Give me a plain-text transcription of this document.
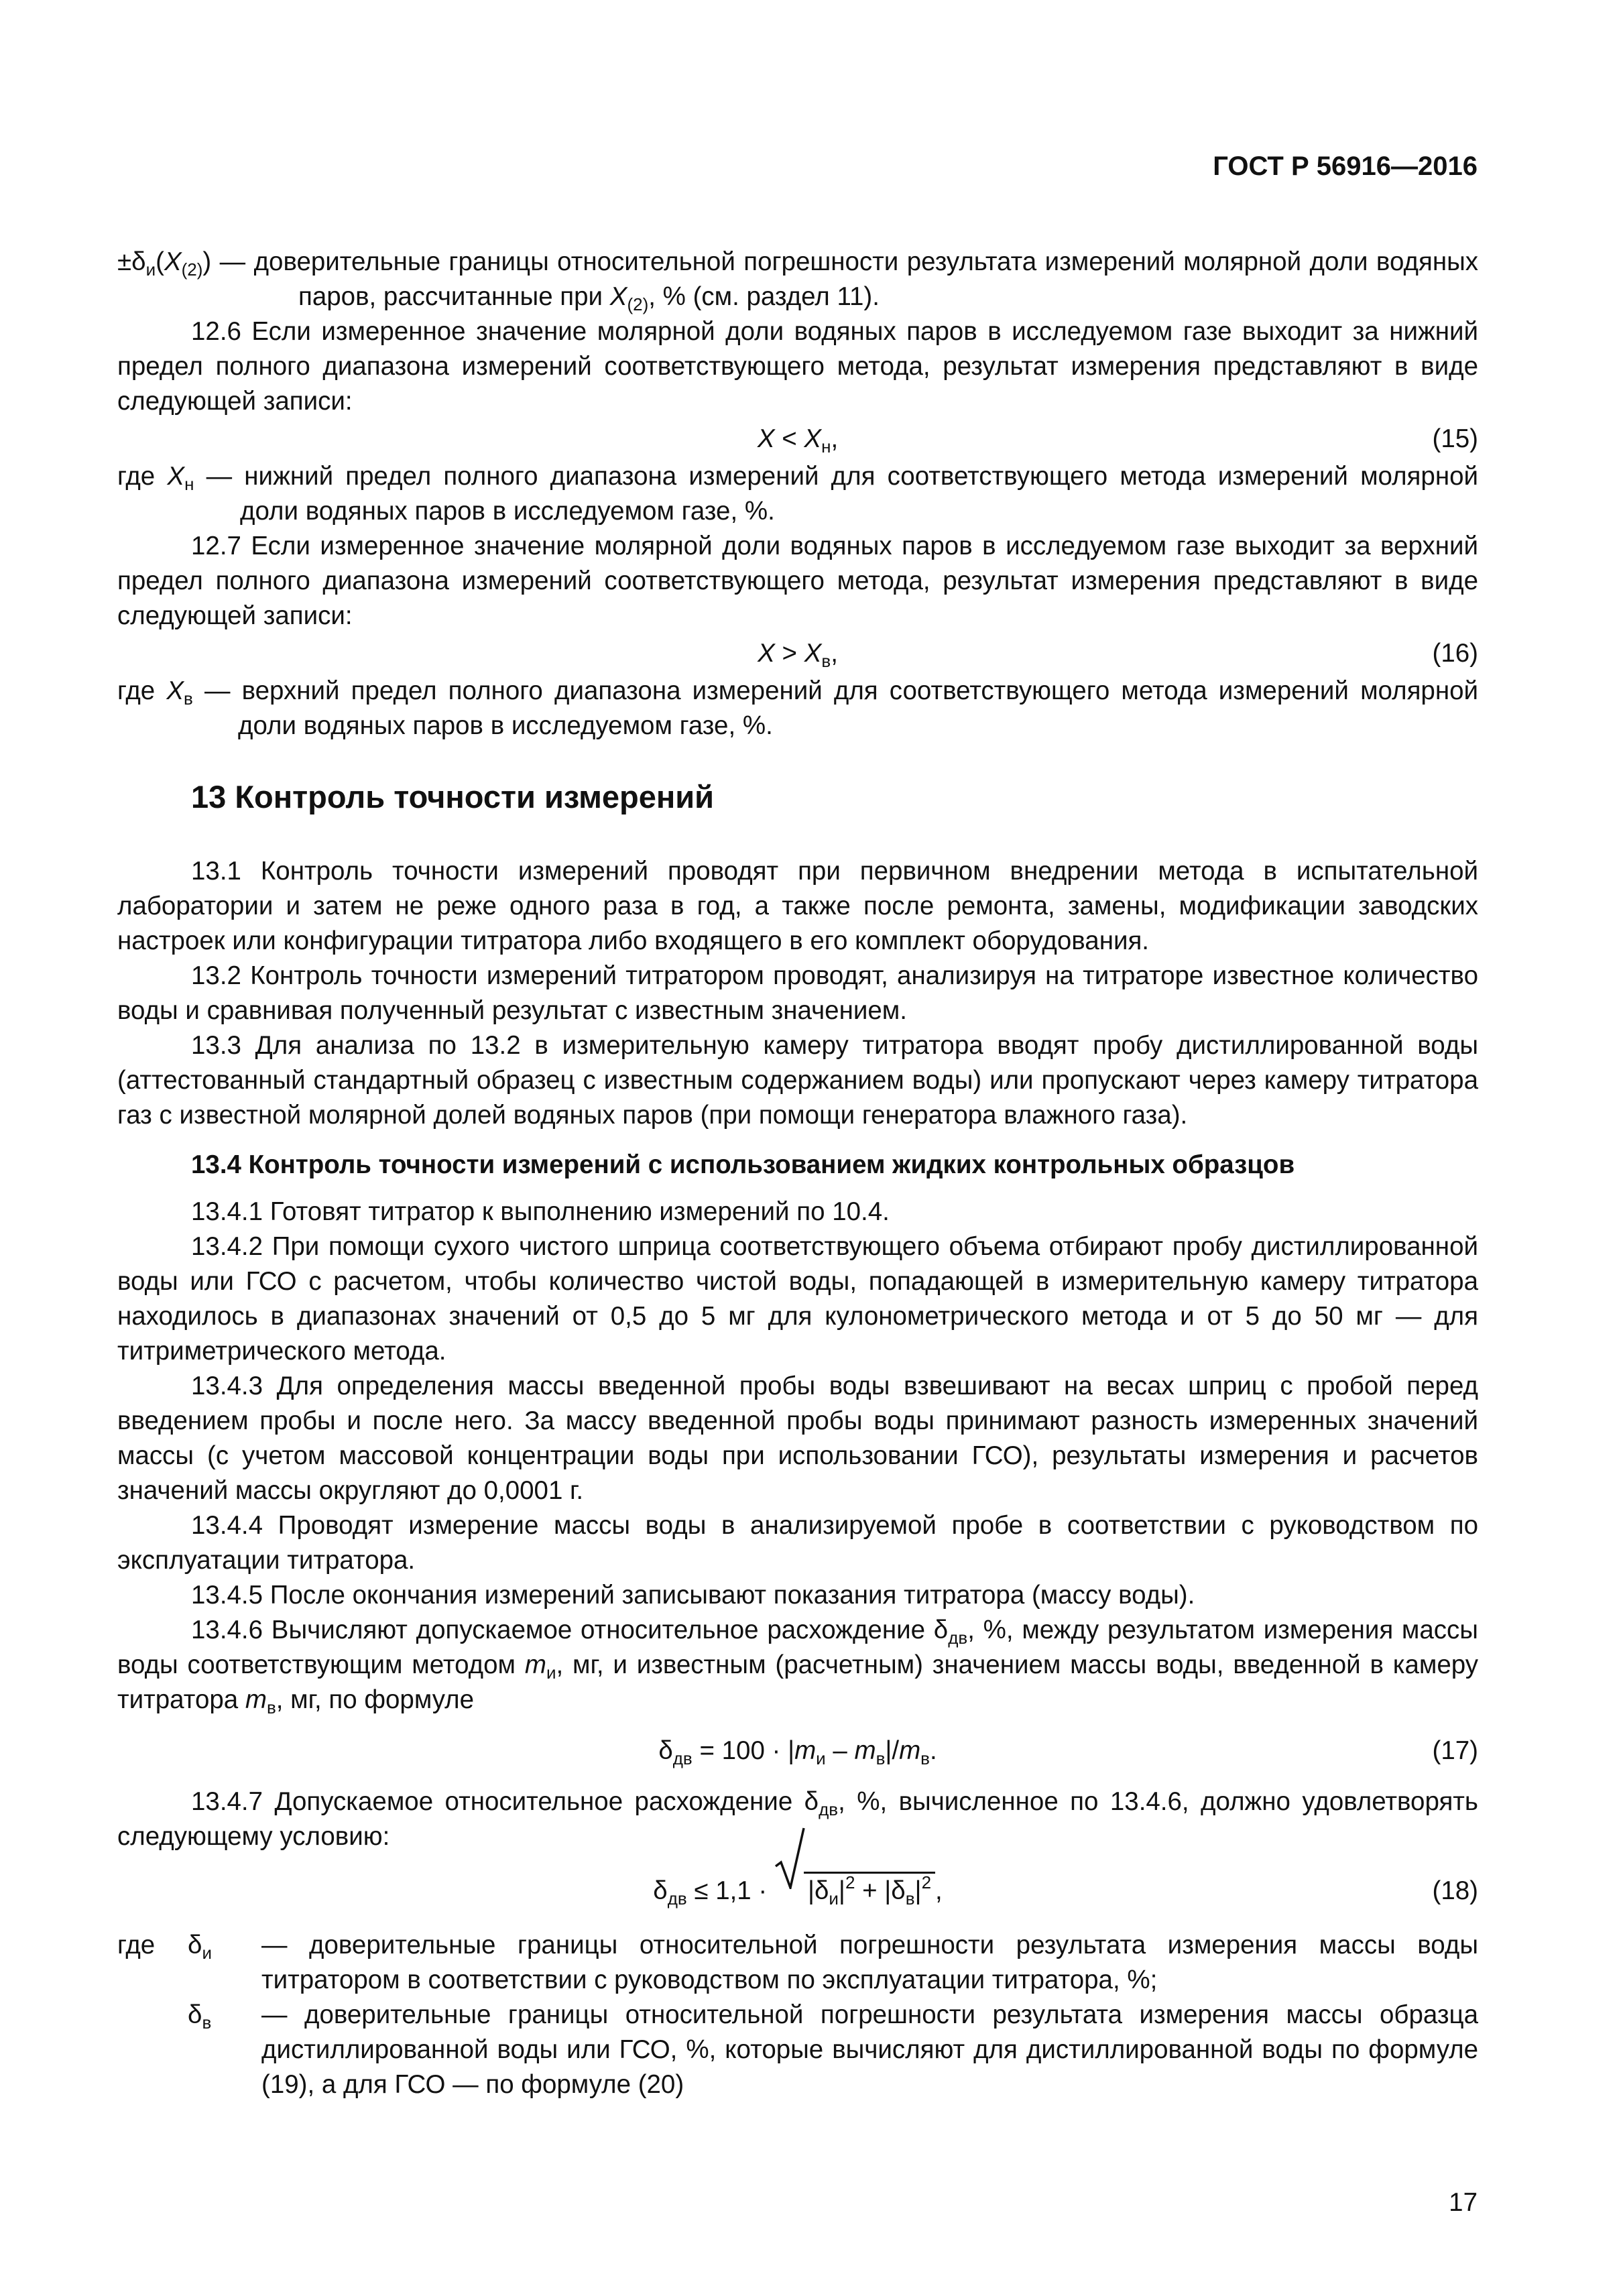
ГОСТ Р 56916—2016

$\pm\delta_и(X_{(2)})$ — доверительные границы относительной погрешности результата измерений молярной доли водяных паров, рассчитанные при $X_{(2)}$, % (см. раздел 11).

12.6 Если измеренное значение молярной доли водяных паров в исследуемом газе выходит за нижний предел полного диапазона измерений соответствующего метода, результат измерения представляют в виде следующей записи:

$X < X_н$,	(15)

где $X_н$ — нижний предел полного диапазона измерений для соответствующего метода измерений молярной доли водяных паров в исследуемом газе, %.

12.7 Если измеренное значение молярной доли водяных паров в исследуемом газе выходит за верхний предел полного диапазона измерений соответствующего метода, результат измерения представляют в виде следующей записи:

$X > X_в$,	(16)

где $X_в$ — верхний предел полного диапазона измерений для соответствующего метода измерений молярной доли водяных паров в исследуемом газе, %.

13 Контроль точности измерений

13.1 Контроль точности измерений проводят при первичном внедрении метода в испытательной лаборатории и затем не реже одного раза в год, а также после ремонта, замены, модификации заводских настроек или конфигурации титратора либо входящего в его комплект оборудования.

13.2 Контроль точности измерений титратором проводят, анализируя на титраторе известное количество воды и сравнивая полученный результат с известным значением.

13.3 Для анализа по 13.2 в измерительную камеру титратора вводят пробу дистиллированной воды (аттестованный стандартный образец с известным содержанием воды) или пропускают через камеру титратора газ с известной молярной долей водяных паров (при помощи генератора влажного газа).

13.4 Контроль точности измерений с использованием жидких контрольных образцов

13.4.1 Готовят титратор к выполнению измерений по 10.4.

13.4.2 При помощи сухого чистого шприца соответствующего объема отбирают пробу дистиллированной воды или ГСО с расчетом, чтобы количество чистой воды, попадающей в измерительную камеру титратора находилось в диапазонах значений от 0,5 до 5 мг для кулонометрического метода и от 5 до 50 мг — для титриметрического метода.

13.4.3 Для определения массы введенной пробы воды взвешивают на весах шприц с пробой перед введением пробы и после него. За массу введенной пробы воды принимают разность измеренных значений массы (с учетом массовой концентрации воды при использовании ГСО), результаты измерения и расчетов значений массы округляют до 0,0001 г.

13.4.4 Проводят измерение массы воды в анализируемой пробе в соответствии с руководством по эксплуатации титратора.

13.4.5 После окончания измерений записывают показания титратора (массу воды).

13.4.6 Вычисляют допускаемое относительное расхождение $\delta_{дв}$, %, между результатом измерения массы воды соответствующим методом $m_и$, мг, и известным (расчетным) значением массы воды, введенной в камеру титратора $m_в$, мг, по формуле

$\delta_{дв} = 100 \cdot |m_и - m_в|/m_в$.	(17)

13.4.7 Допускаемое относительное расхождение $\delta_{дв}$, %, вычисленное по 13.4.6, должно удовлетворять следующему условию:

$\delta_{дв} \le 1,1 \cdot |\delta_и|^2 + |\delta_в|^2$ ,	(18)

где $\delta_и$ — доверительные границы относительной погрешности результата измерения массы воды титратором в соответствии с руководством по эксплуатации титратора, %;

$\delta_в$ — доверительные границы относительной погрешности результата измерения массы образца дистиллированной воды или ГСО, %, которые вычисляют для дистиллированной воды по формуле (19), а для ГСО — по формуле (20)

17
